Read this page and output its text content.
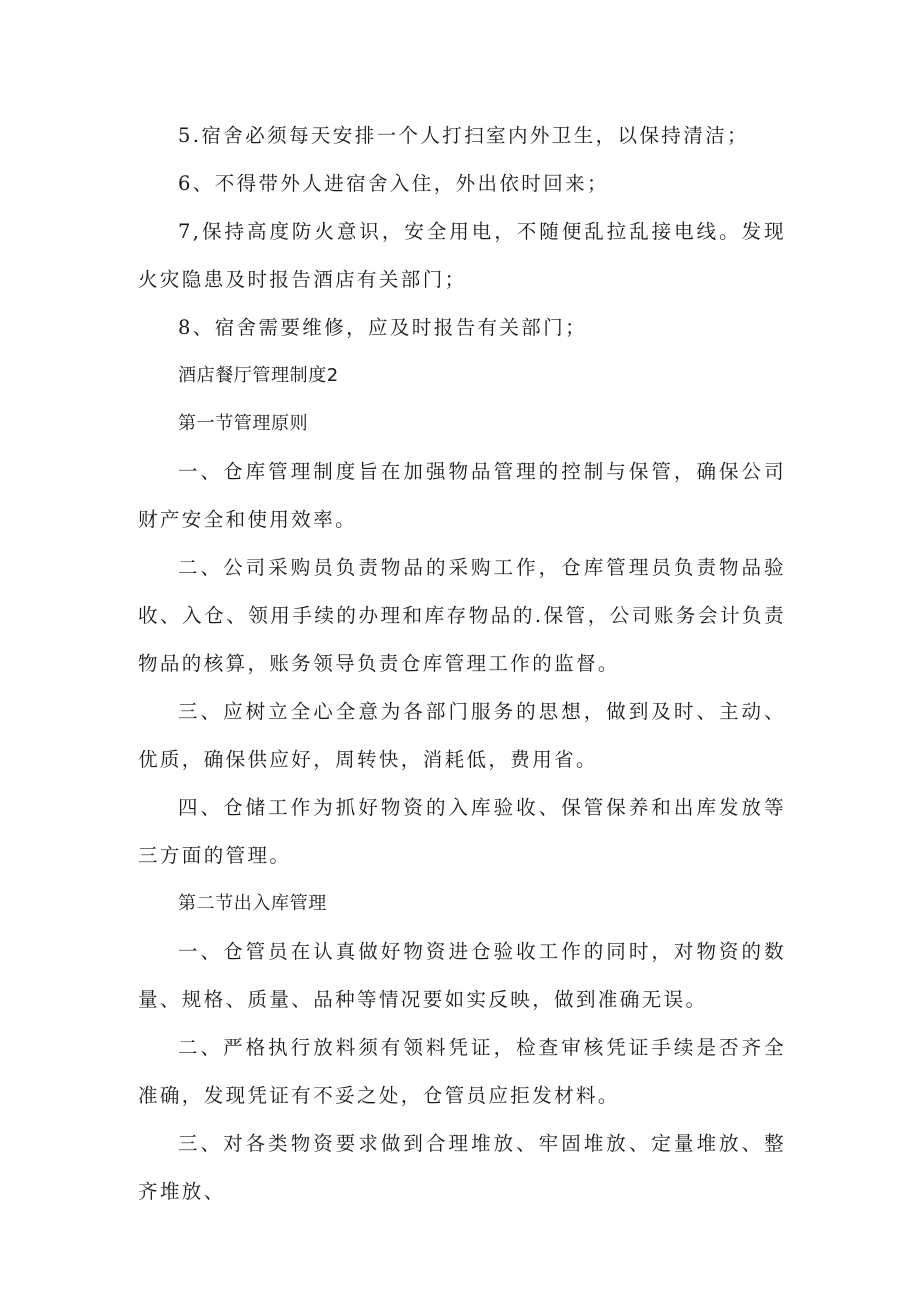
5.宿舍必须每天安排一个人打扫室内外卫生，以保持清洁；

6、不得带外人进宿舍入住，外出依时回来；

7,保持高度防火意识，安全用电，不随便乱拉乱接电线。发现火灾隐患及时报告酒店有关部门；

8、宿舍需要维修，应及时报告有关部门；

酒店餐厅管理制度2

第一节管理原则

一、仓库管理制度旨在加强物品管理的控制与保管，确保公司财产安全和使用效率。

二、公司采购员负责物品的采购工作，仓库管理员负责物品验收、入仓、领用手续的办理和库存物品的.保管，公司账务会计负责物品的核算，账务领导负责仓库管理工作的监督。

三、应树立全心全意为各部门服务的思想，做到及时、主动、优质，确保供应好，周转快，消耗低，费用省。

四、仓储工作为抓好物资的入库验收、保管保养和出库发放等三方面的管理。

第二节出入库管理

一、仓管员在认真做好物资进仓验收工作的同时，对物资的数量、规格、质量、品种等情况要如实反映，做到准确无误。

二、严格执行放料须有领料凭证，检查审核凭证手续是否齐全准确，发现凭证有不妥之处，仓管员应拒发材料。

三、对各类物资要求做到合理堆放、牢固堆放、定量堆放、整齐堆放、
